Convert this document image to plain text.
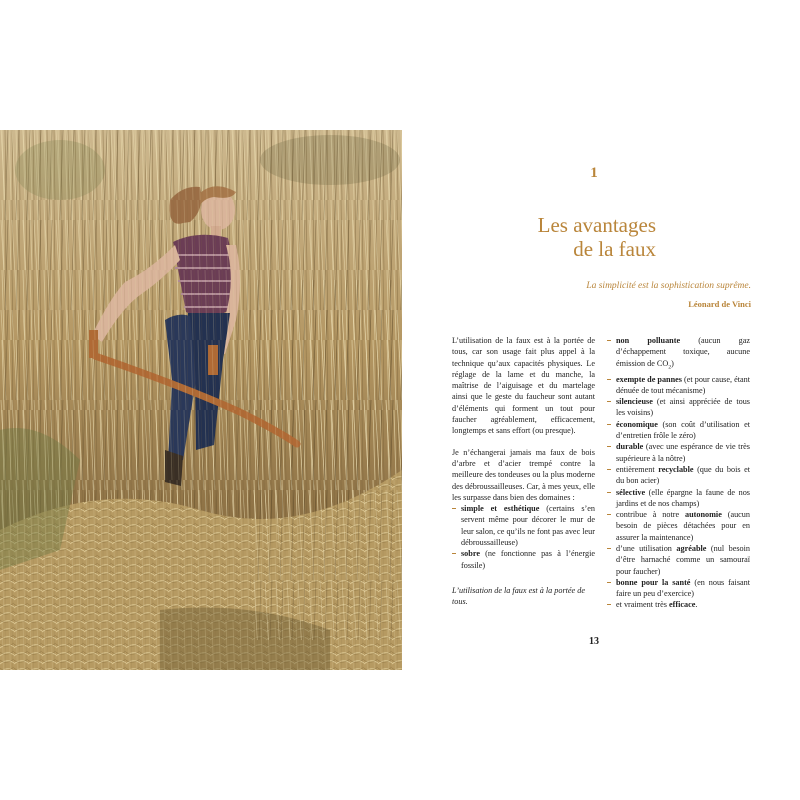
1
Les avantages
de la faux
La simplicité est la sophistication suprême.
Léonard de Vinci

L’utilisation de la faux est à la portée de tous, car son usage fait plus appel à la technique qu’aux capacités physiques. Le réglage de la lame et du manche, la maîtrise de l’aiguisage et du martelage ainsi que le geste du faucheur sont autant d’éléments qui forment un tout pour faucher agréablement, efficacement, longtemps et sans effort (ou presque).

Je n’échangerai jamais ma faux de bois d’arbre et d’acier trempé contre la meilleure des tondeuses ou la plus moderne des débroussailleuses. Car, à mes yeux, elle les surpasse dans bien des domaines :

simple et esthétique (certains s’en servent même pour décorer le mur de leur salon, ce qu’ils ne font pas avec leur débroussailleuse)
sobre (ne fonctionne pas à l’énergie fossile)

L’utilisation de la faux est à la portée de tous.

non polluante (aucun gaz d’échappement toxique, aucune émission de $CO_2$)
exempte de pannes (et pour cause, étant dénuée de tout mécanisme)
silencieuse (et ainsi appréciée de tous les voisins)
économique (son coût d’utilisation et d’entretien frôle le zéro)
durable (avec une espérance de vie très supérieure à la nôtre)
entièrement recyclable (que du bois et du bon acier)
sélective (elle épargne la faune de nos jardins et de nos champs)
contribue à notre autonomie (aucun besoin de pièces détachées pour en assurer la maintenance)
d’une utilisation agréable (nul besoin d’être harnaché comme un samouraï pour faucher)
bonne pour la santé (en nous faisant faire un peu d’exercice)
et vraiment très efficace.
13
